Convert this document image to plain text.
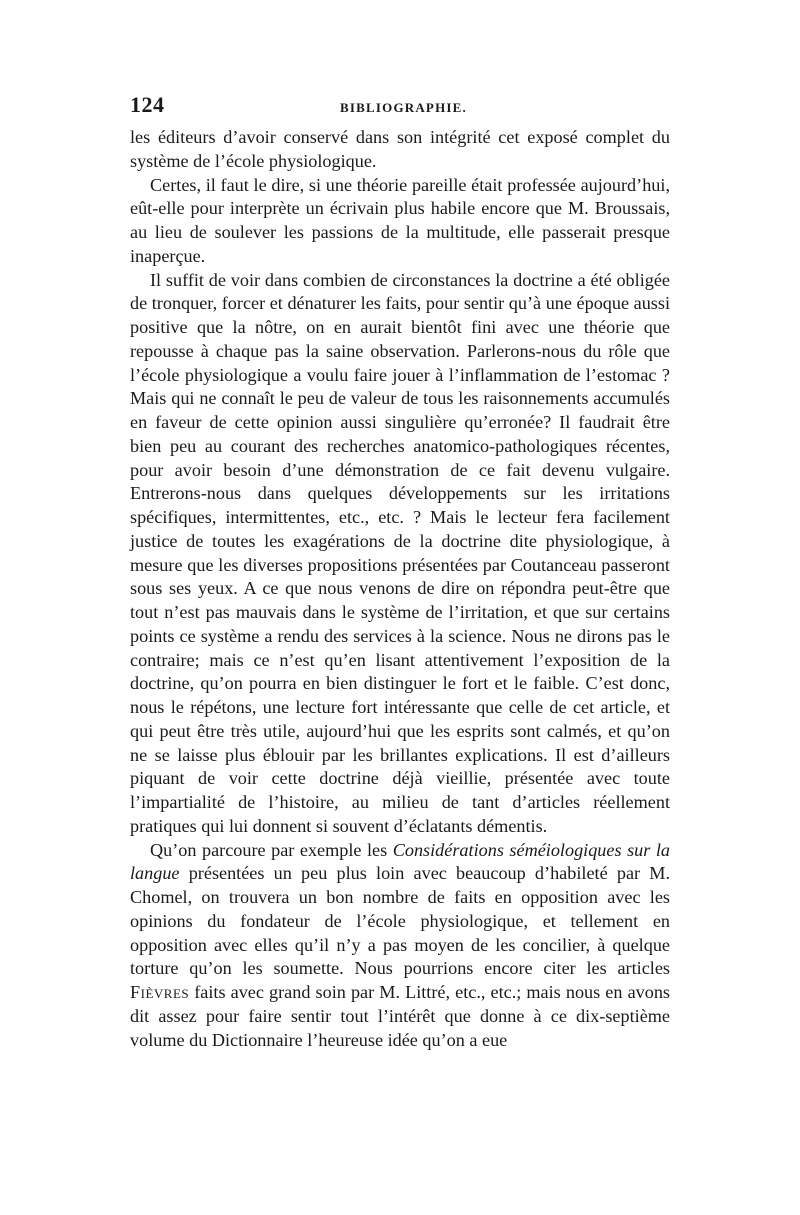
124	BIBLIOGRAPHIE.

les éditeurs d’avoir conservé dans son intégrité cet exposé complet du système de l’école physiologique.

Certes, il faut le dire, si une théorie pareille était professée aujourd’hui, eût-elle pour interprète un écrivain plus habile encore que M. Broussais, au lieu de soulever les passions de la multitude, elle passerait presque inaperçue.

Il suffit de voir dans combien de circonstances la doctrine a été obligée de tronquer, forcer et dénaturer les faits, pour sentir qu’à une époque aussi positive que la nôtre, on en aurait bientôt fini avec une théorie que repousse à chaque pas la saine observation. Parlerons-nous du rôle que l’école physiologique a voulu faire jouer à l’inflammation de l’estomac ? Mais qui ne connaît le peu de valeur de tous les raisonnements accumulés en faveur de cette opinion aussi singulière qu’erronée? Il faudrait être bien peu au courant des recherches anatomico-pathologiques récentes, pour avoir besoin d’une démonstration de ce fait devenu vulgaire. Entrerons-nous dans quelques développements sur les irritations spécifiques, intermittentes, etc., etc. ? Mais le lecteur fera facilement justice de toutes les exagérations de la doctrine dite physiologique, à mesure que les diverses propositions présentées par Coutanceau passeront sous ses yeux. A ce que nous venons de dire on répondra peut-être que tout n’est pas mauvais dans le système de l’irritation, et que sur certains points ce système a rendu des services à la science. Nous ne dirons pas le contraire; mais ce n’est qu’en lisant attentivement l’exposition de la doctrine, qu’on pourra en bien distinguer le fort et le faible. C’est donc, nous le répétons, une lecture fort intéressante que celle de cet article, et qui peut être très utile, aujourd’hui que les esprits sont calmés, et qu’on ne se laisse plus éblouir par les brillantes explications. Il est d’ailleurs piquant de voir cette doctrine déjà vieillie, présentée avec toute l’impartialité de l’histoire, au milieu de tant d’articles réellement pratiques qui lui donnent si souvent d’éclatants démentis.

Qu’on parcoure par exemple les Considérations séméiologiques sur la langue présentées un peu plus loin avec beaucoup d’habileté par M. Chomel, on trouvera un bon nombre de faits en opposition avec les opinions du fondateur de l’école physiologique, et tellement en opposition avec elles qu’il n’y a pas moyen de les concilier, à quelque torture qu’on les soumette. Nous pourrions encore citer les articles Fièvres faits avec grand soin par M. Littré, etc., etc.; mais nous en avons dit assez pour faire sentir tout l’intérêt que donne à ce dix-septième volume du Dictionnaire l’heureuse idée qu’on a eue
